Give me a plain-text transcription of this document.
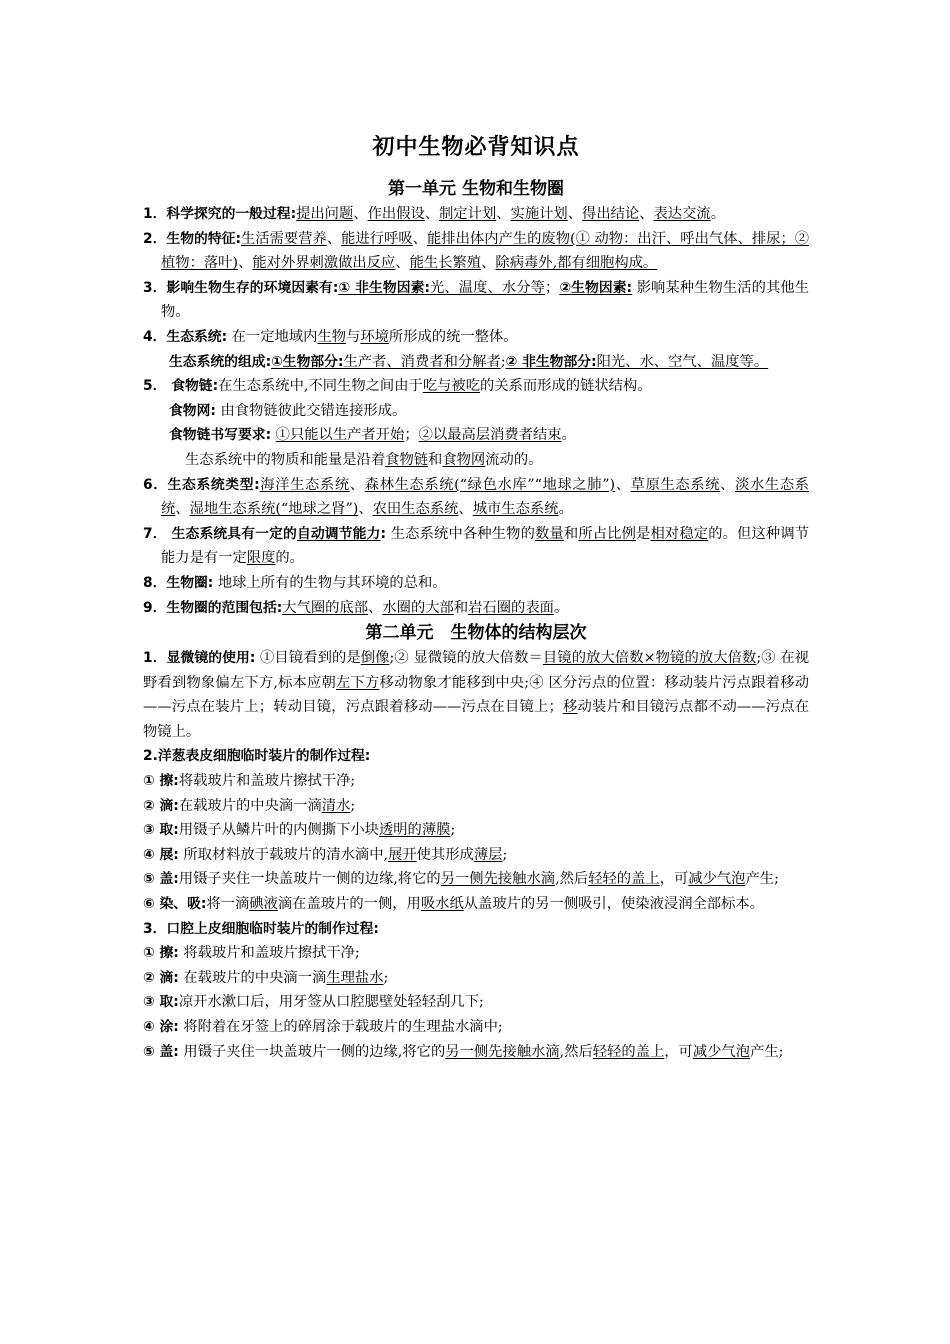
初中生物必背知识点
第一单元 生物和生物圈

1．科学探究的一般过程:提出问题、作出假设、制定计划、实施计划、得出结论、表达交流。

2．生物的特征:生活需要营养、能进行呼吸、能排出体内产生的废物(① 动物：出汗、呼出气体、排尿；②植物：落叶)、能对外界刺激做出反应、能生长繁殖、除病毒外,都有细胞构成。

3．影响生物生存的环境因素有:① 非生物因素:光、温度、水分等；②生物因素: 影响某种生物生活的其他生物。

4．生态系统: 在一定地域内生物与环境所形成的统一整体。

生态系统的组成:①生物部分:生产者、消费者和分解者;② 非生物部分:阳光、水、空气、温度等。

5． 食物链:在生态系统中,不同生物之间由于吃与被吃的关系而形成的链状结构。

食物网: 由食物链彼此交错连接形成。

食物链书写要求: ①只能以生产者开始；②以最高层消费者结束。

生态系统中的物质和能量是沿着食物链和食物网流动的。

6．生态系统类型:海洋生态系统、森林生态系统(“绿色水库”“地球之肺”)、草原生态系统、淡水生态系统、湿地生态系统(“地球之肾”)、农田生态系统、城市生态系统。

7． 生态系统具有一定的自动调节能力: 生态系统中各种生物的数量和所占比例是相对稳定的。但这种调节能力是有一定限度的。

8．生物圈: 地球上所有的生物与其环境的总和。

9．生物圈的范围包括:大气圈的底部、水圈的大部和岩石圈的表面。

第二单元　生物体的结构层次

1．显微镜的使用: ①目镜看到的是倒像;② 显微镜的放大倍数＝目镜的放大倍数×物镜的放大倍数;③ 在视野看到物象偏左下方,标本应朝左下方移动物象才能移到中央;④ 区分污点的位置：移动装片污点跟着移动——污点在装片上；转动目镜，污点跟着移动——污点在目镜上；移动装片和目镜污点都不动——污点在物镜上。

2.洋葱表皮细胞临时装片的制作过程:

① 擦:将载玻片和盖玻片擦拭干净;

② 滴:在载玻片的中央滴一滴清水;

③ 取:用镊子从鳞片叶的内侧撕下小块透明的薄膜;

④ 展: 所取材料放于载玻片的清水滴中,展开使其形成薄层;

⑤ 盖:用镊子夹住一块盖玻片一侧的边缘,将它的另一侧先接触水滴,然后轻轻的盖上，可减少气泡产生;

⑥ 染、吸:将一滴碘液滴在盖玻片的一侧，用吸水纸从盖玻片的另一侧吸引，使染液浸润全部标本。

3．口腔上皮细胞临时装片的制作过程:

① 擦: 将载玻片和盖玻片擦拭干净;

② 滴: 在载玻片的中央滴一滴生理盐水;

③ 取:凉开水漱口后，用牙签从口腔腮壁处轻轻刮几下;

④ 涂: 将附着在牙签上的碎屑涂于载玻片的生理盐水滴中;

⑤ 盖: 用镊子夹住一块盖玻片一侧的边缘,将它的另一侧先接触水滴,然后轻轻的盖上，可减少气泡产生;
